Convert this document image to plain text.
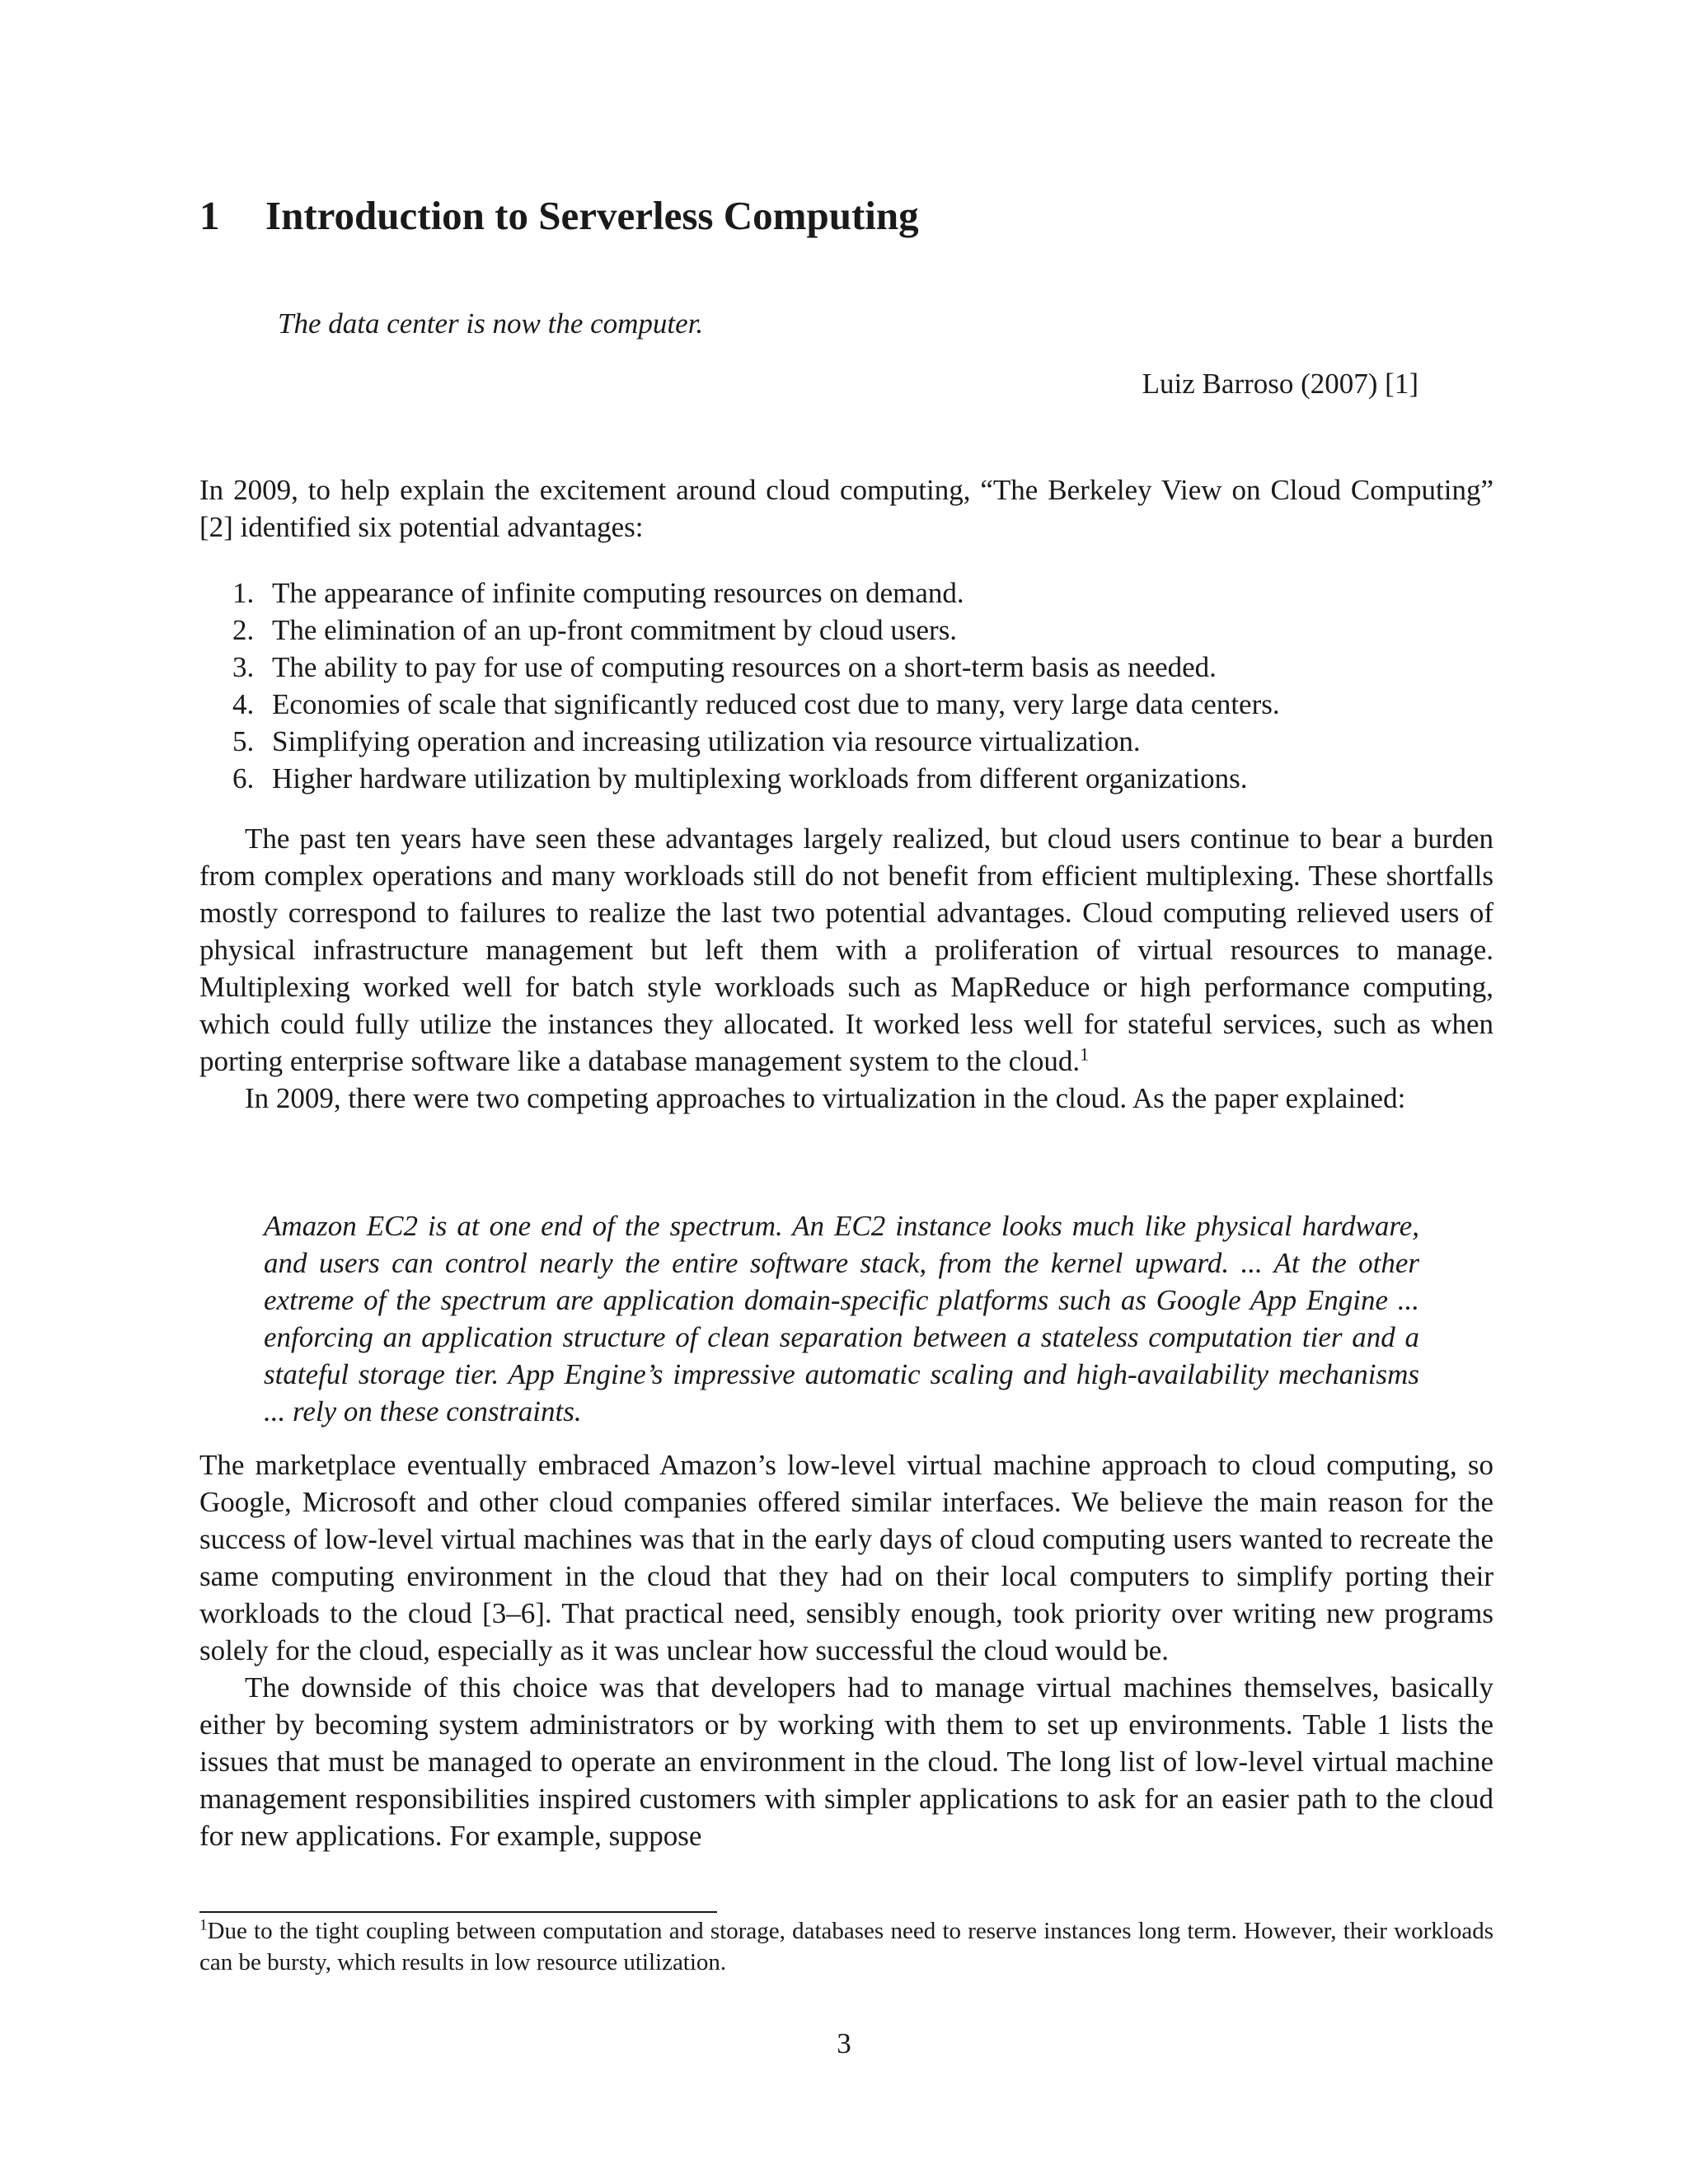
1 Introduction to Serverless Computing
The data center is now the computer.
Luiz Barroso (2007) [1]

In 2009, to help explain the excitement around cloud computing, “The Berkeley View on Cloud Computing” [2] identified six potential advantages:

1. The appearance of infinite computing resources on demand.
2. The elimination of an up-front commitment by cloud users.
3. The ability to pay for use of computing resources on a short-term basis as needed.
4. Economies of scale that significantly reduced cost due to many, very large data centers.
5. Simplifying operation and increasing utilization via resource virtualization.
6. Higher hardware utilization by multiplexing workloads from different organizations.

The past ten years have seen these advantages largely realized, but cloud users continue to bear a burden from complex operations and many workloads still do not benefit from efficient multiplexing. These shortfalls mostly correspond to failures to realize the last two potential advantages. Cloud computing relieved users of physical infrastructure management but left them with a proliferation of virtual resources to manage. Multiplexing worked well for batch style workloads such as MapReduce or high performance computing, which could fully utilize the instances they allocated. It worked less well for stateful services, such as when porting enterprise software like a database management system to the cloud.$^1$

In 2009, there were two competing approaches to virtualization in the cloud. As the paper explained:

Amazon EC2 is at one end of the spectrum. An EC2 instance looks much like physical hardware, and users can control nearly the entire software stack, from the kernel upward. ... At the other extreme of the spectrum are application domain-specific platforms such as Google App Engine ... enforcing an application structure of clean separation between a stateless computation tier and a stateful storage tier. App Engine’s impressive automatic scaling and high-availability mechanisms ... rely on these constraints.

The marketplace eventually embraced Amazon’s low-level virtual machine approach to cloud computing, so Google, Microsoft and other cloud companies offered similar interfaces. We believe the main reason for the success of low-level virtual machines was that in the early days of cloud computing users wanted to recreate the same computing environment in the cloud that they had on their local computers to simplify porting their workloads to the cloud [3–6]. That practical need, sensibly enough, took priority over writing new programs solely for the cloud, especially as it was unclear how successful the cloud would be.

The downside of this choice was that developers had to manage virtual machines themselves, basically either by becoming system administrators or by working with them to set up environments. Table 1 lists the issues that must be managed to operate an environment in the cloud. The long list of low-level virtual machine management responsibilities inspired customers with simpler applications to ask for an easier path to the cloud for new applications. For example, suppose

$^1$Due to the tight coupling between computation and storage, databases need to reserve instances long term. However, their workloads can be bursty, which results in low resource utilization.
3
